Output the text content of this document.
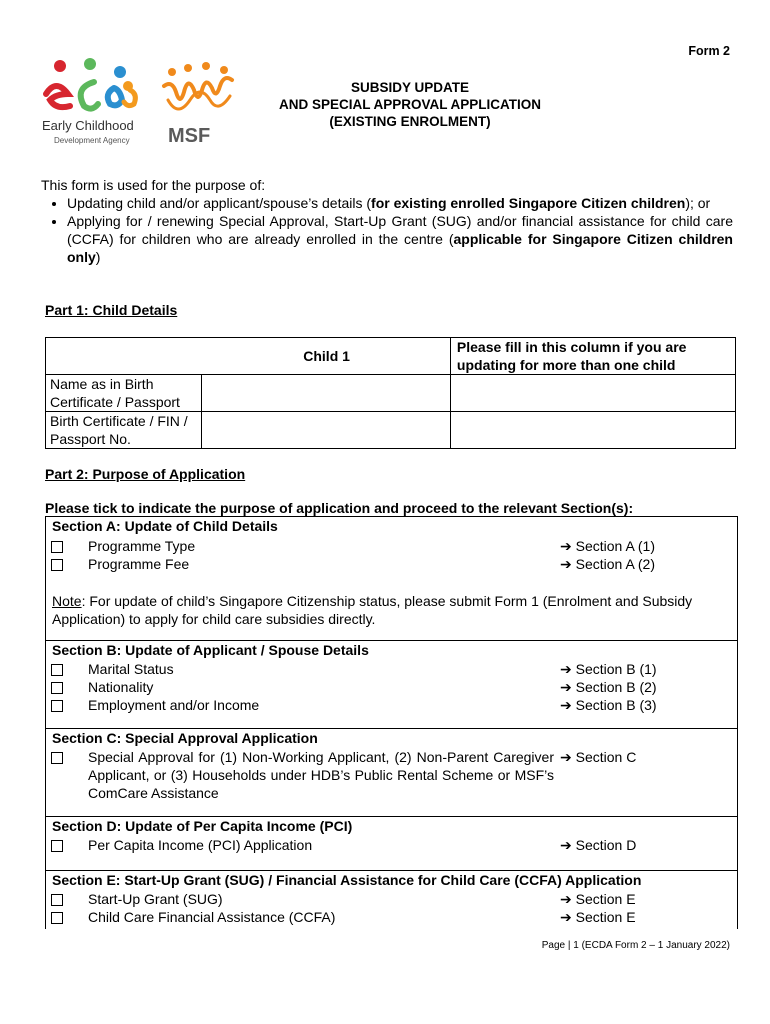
Form 2
Early Childhood
Development Agency MSF
SUBSIDY UPDATE
AND SPECIAL APPROVAL APPLICATION
(EXISTING ENROLMENT)
This form is used for the purpose of:
• Updating child and/or applicant/spouse’s details (for existing enrolled Singapore Citizen children); or
• Applying for / renewing Special Approval, Start-Up Grant (SUG) and/or financial assistance for child care (CCFA) for children who are already enrolled in the centre (applicable for Singapore Citizen children only)
Part 1: Child Details
Child 1		Please fill in this column if you are updating for more than one child
Name as in Birth Certificate / Passport		
Birth Certificate / FIN / Passport No.		
Part 2: Purpose of Application
Please tick to indicate the purpose of application and proceed to the relevant Section(s):
Section A: Update of Child Details
Programme Type	➔ Section A (1)
Programme Fee	➔ Section A (2)
Note: For update of child’s Singapore Citizenship status, please submit Form 1 (Enrolment and Subsidy Application) to apply for child care subsidies directly.
Section B: Update of Applicant / Spouse Details
Marital Status	➔ Section B (1)
Nationality	➔ Section B (2)
Employment and/or Income	➔ Section B (3)
Section C: Special Approval Application
Special Approval for (1) Non-Working Applicant, (2) Non-Parent Caregiver Applicant, or (3) Households under HDB’s Public Rental Scheme or MSF’s ComCare Assistance
➔ Section C
Section D: Update of Per Capita Income (PCI)
Per Capita Income (PCI) Application	➔ Section D
Section E: Start-Up Grant (SUG) / Financial Assistance for Child Care (CCFA) Application
Start-Up Grant (SUG)	➔ Section E
Child Care Financial Assistance (CCFA)	➔ Section E
Page | 1 (ECDA Form 2 – 1 January 2022)
